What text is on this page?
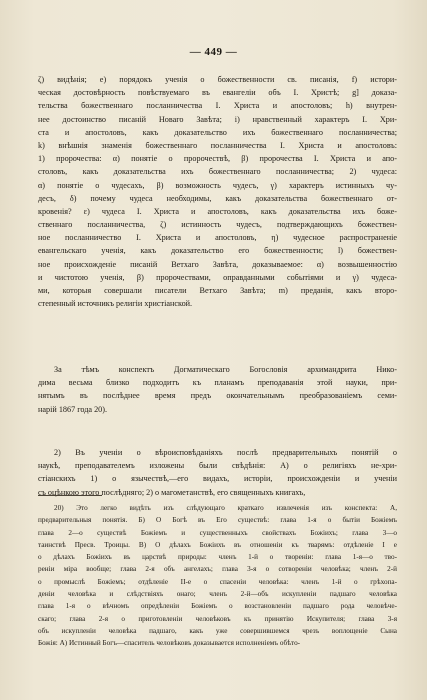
— 449 —
ζ) видѣнія; е) порядокъ ученія о божественности св. писанія, f) истори-
ческая достовѣрность повѣствуемаго въ евангеліи объ І. Христѣ; g] доказа-
тельства божественнаго посланничества І. Христа и апостоловъ; h) внутрен-
нее достоинство писаній Новаго Завѣта; i) нравственный характеръ І. Хри-
ста и апостоловъ, какъ доказательство ихъ божественнаго посланничества;
k) внѣшнія знаменія божественнаго посланничества І. Христа и апостоловъ:
1) пророчества: α) понятіе о пророчествѣ, β) пророчества І. Христа и апо-
столовъ, какъ доказательства ихъ божественнаго посланничества; 2) чудеса:
α) понятіе о чудесахъ, β) возможность чудесъ, γ) характеръ истинныхъ чу-
десъ, δ) почему чудеса необходимы, какъ доказательства божественнаго от-
кровенія? ε) чудеса І. Христа и апостоловъ, какъ доказательства ихъ боже-
ственнаго посланничества, ζ) истинность чудесъ, подтверждающихъ божествен-
ное посланничество І. Христа и апостоловъ, η) чудесное распространеніе
евангельскаго ученія, какъ доказательство его божественности; l) божествен-
ное происхожденіе писаній Ветхаго Завѣта, доказываемое: α) возвышенностію
и чистотою ученія, β) пророчествами, оправданными событіями и γ) чудеса-
ми, которыя совершали писатели Ветхаго Завѣта; m) преданія, какъ второ-
степенный источникъ религіи христіанской.
За тѣмъ конспектъ Догматическаго Богословія архимандрита Нико-
дима весьма близко подходитъ къ планамъ преподаванія этой науки, при-
нятымъ въ послѣднее время предъ окончательнымъ преобразованіемъ семи-
нарій 1867 года 20).
2) Въ ученіи о вѣроисповѣданіяхъ послѣ предварительныхъ понятій о
наукѣ, преподавателемъ изложены были свѣдѣнія: А) о религіяхъ не-хри-
стіанскихъ 1) о язычествѣ,—его видахъ, исторіи, происхожденіи и ученіи
съ оцѣнкою этого послѣдняго; 2) о магометанствѣ, его священныхъ книгахъ,
20) Это легко видѣть изъ слѣдующаго краткаго извлеченія изъ конспекта: А,
предварительныя понятія. Б) О Богѣ въ Его существѣ: глава 1-я о бытіи Божіемъ
глава 2—о существѣ Божіемъ и существенныхъ свойствахъ Божіихъ; глава 3—о
таинствѣ Пресв. Троицы. В) О дѣлахъ Божіихъ въ отношеніи къ тварямъ: отдѣленіе І е
о дѣлахъ Божіихъ въ царствѣ природы: членъ 1-й о твореніи: глава 1-я—о тво-
реніи міра вообще; глава 2-я объ ангелахъ; глава 3-я о сотвореніи человѣка; членъ 2-й
о промыслѣ Божіемъ; отдѣленіе ІІ-е о спасеніи человѣка: членъ 1-й о грѣхопа-
деніи человѣка и слѣдствіяхъ онаго; членъ 2-й—объ искупленіи падшаго человѣка
глава 1-я о вѣчномъ опредѣленіи Божіемъ о возстановленіи падшаго рода человѣче-
скаго; глава 2-я о приготовленіи человѣковъ къ принятію Искупителя; глава 3-я
объ искупленіи человѣка падшаго, какъ уже совершившемся чрезъ воплощеніе Сына
Божія: А) Истинный Богъ—спаситель человѣковъ доказывается исполненіемъ обѣто-
